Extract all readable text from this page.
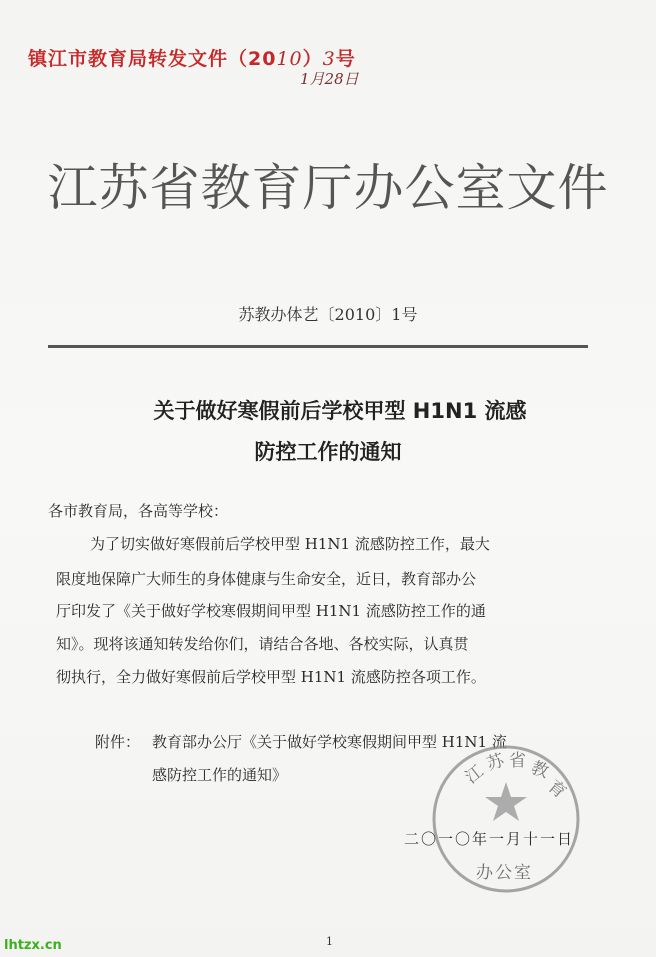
镇江市教育局转发文件（2010）3号
1月28日
江苏省教育厅办公室文件
苏教办体艺〔2010〕1号
关于做好寒假前后学校甲型 H1N1 流感
防控工作的通知
各市教育局，各高等学校：
为了切实做好寒假前后学校甲型 H1N1 流感防控工作，最大
限度地保障广大师生的身体健康与生命安全，近日，教育部办公
厅印发了《关于做好学校寒假期间甲型 H1N1 流感防控工作的通
知》。现将该通知转发给你们，请结合各地、各校实际，认真贯
彻执行，全力做好寒假前后学校甲型 H1N1 流感防控各项工作。
附件： 教育部办公厅《关于做好学校寒假期间甲型 H1N1 流
感防控工作的通知》	江
苏 省 教
育
二〇一〇年一月十一日
办公室
1
lhtzx.cn
